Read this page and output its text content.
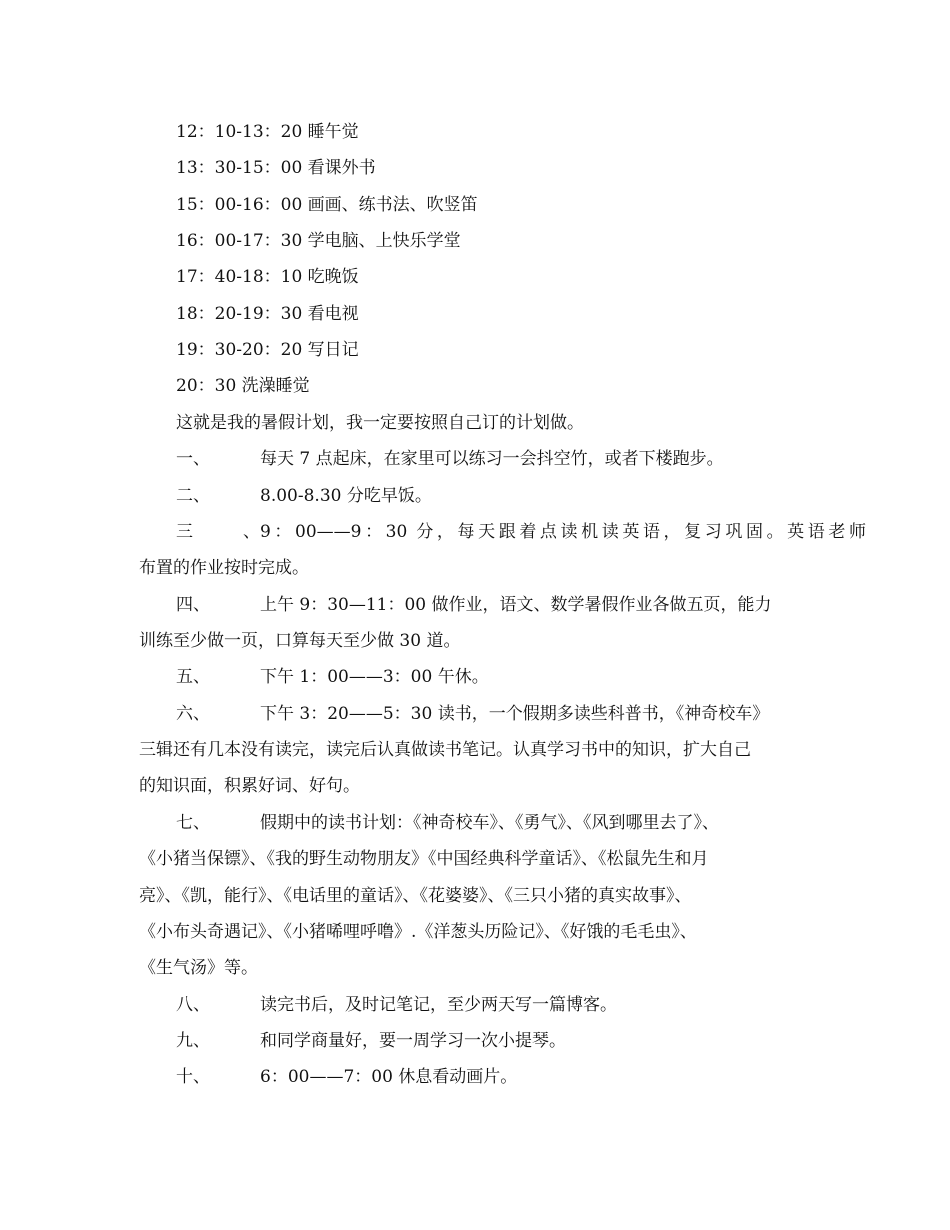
12：10-13：20 睡午觉
13：30-15：00 看课外书
15：00-16：00 画画、练书法、吹竖笛
16：00-17：30 学电脑、上快乐学堂
17：40-18：10 吃晚饭
18：20-19：30 看电视
19：30-20：20 写日记
20：30 洗澡睡觉
这就是我的暑假计划，我一定要按照自己订的计划做。
一、	每天 7 点起床，在家里可以练习一会抖空竹，或者下楼跑步。
二、	8.00-8.30 分吃早饭。
三、9：00——9：30 分，每天跟着点读机读英语，复习巩固。英语老师
布置的作业按时完成。
四、	上午 9：30—11：00 做作业，语文、数学暑假作业各做五页，能力
训练至少做一页，口算每天至少做 30 道。
五、	下午 1：00——3：00 午休。
六、	下午 3：20——5：30 读书，一个假期多读些科普书，《神奇校车》
三辑还有几本没有读完，读完后认真做读书笔记。认真学习书中的知识，扩大自己
的知识面，积累好词、好句。
七、	假期中的读书计划：《神奇校车》、《勇气》、《风到哪里去了》、
《小猪当保镖》、《我的野生动物朋友》《中国经典科学童话》、《松鼠先生和月
亮》、《凯，能行》、《电话里的童话》、《花婆婆》、《三只小猪的真实故事》、
《小布头奇遇记》、《小猪唏哩呼噜》.《洋葱头历险记》、《好饿的毛毛虫》、
《生气汤》等。
八、	读完书后，及时记笔记，至少两天写一篇博客。
九、	和同学商量好，要一周学习一次小提琴。
十、	6：00——7：00 休息看动画片。
